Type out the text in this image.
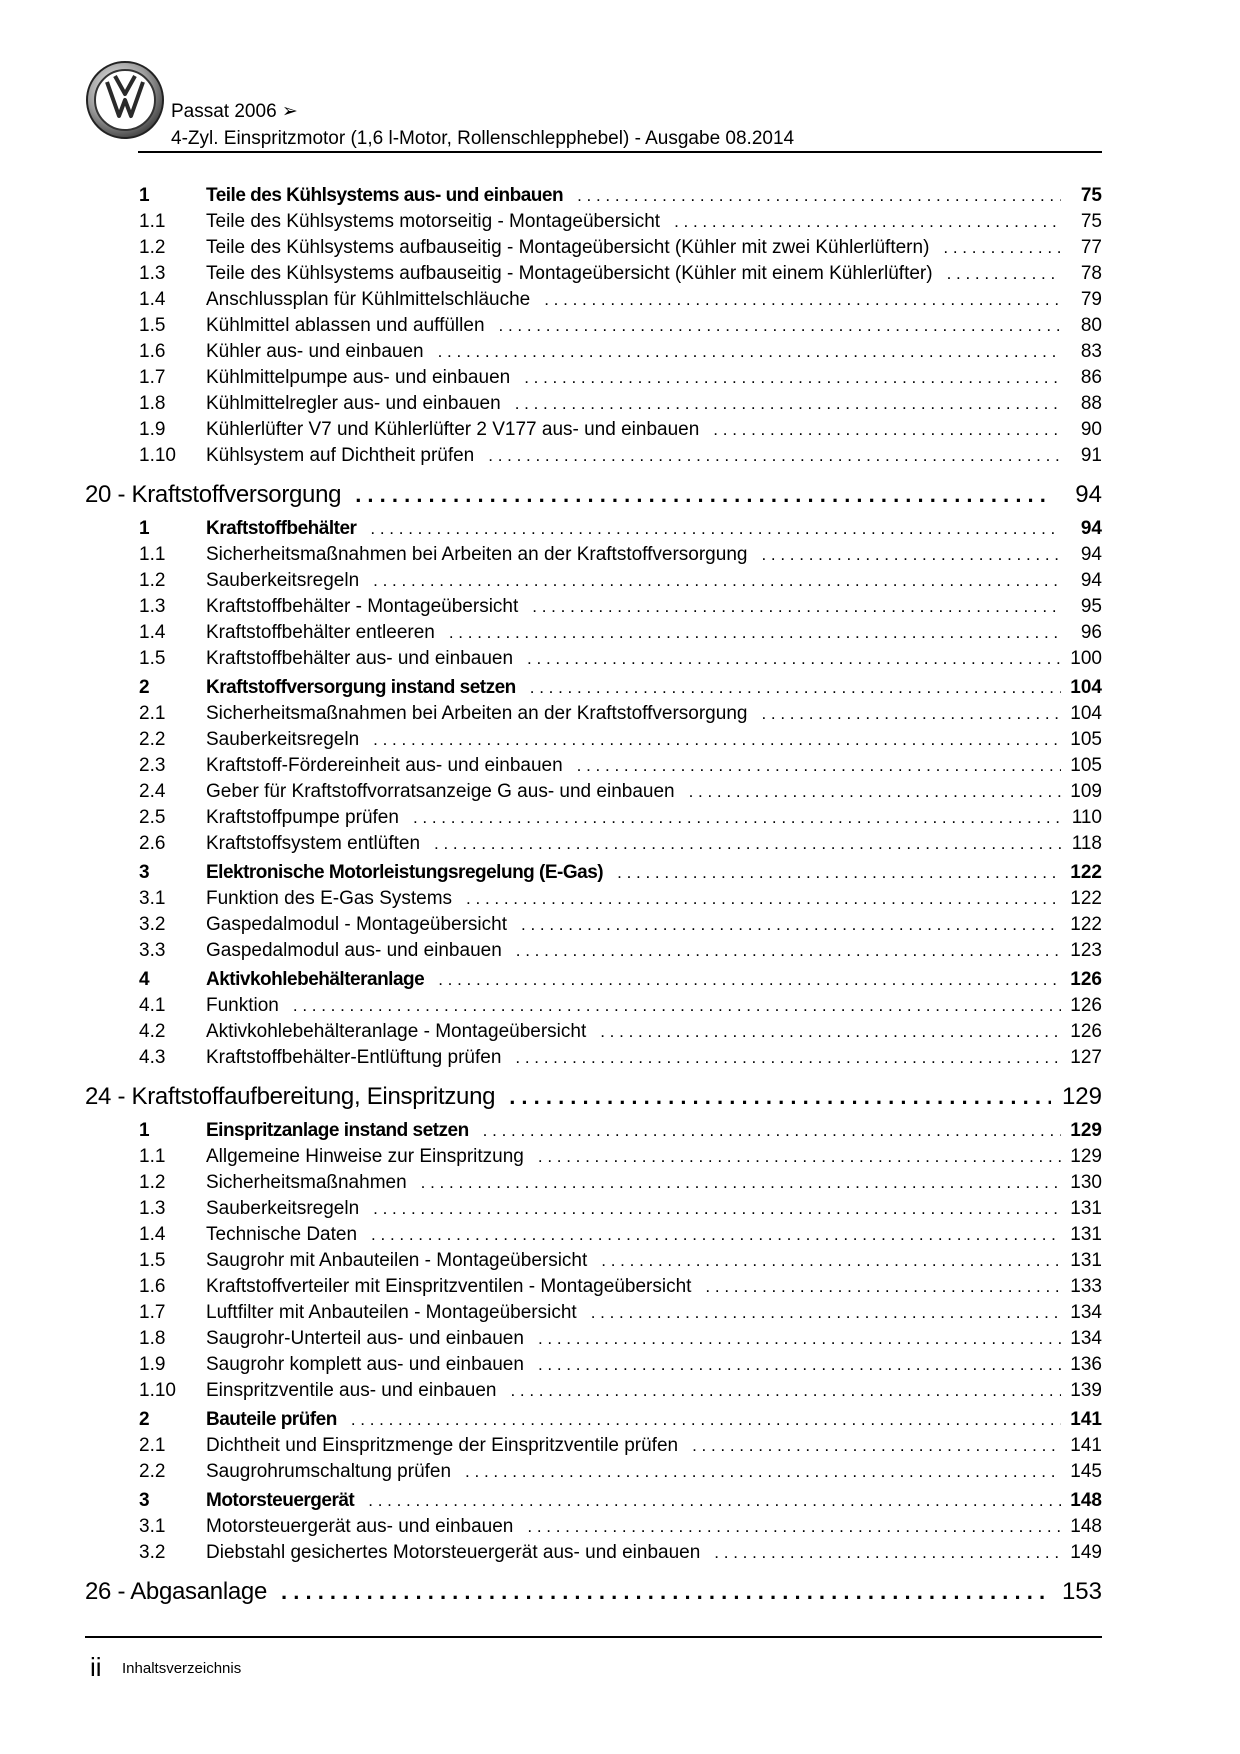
Passat 2006 ➢
4-Zyl. Einspritzmotor (1,6 l-Motor, Rollenschlepphebel) - Ausgabe 08.2014
1	Teile des Kühlsystems aus- und einbauen . . .	75
1.1	Teile des Kühlsystems motorseitig - Montageübersicht . . .	75
1.2	Teile des Kühlsystems aufbauseitig - Montageübersicht (Kühler mit zwei Kühlerlüftern) . . .	77
1.3	Teile des Kühlsystems aufbauseitig - Montageübersicht (Kühler mit einem Kühlerlüfter) . . .	78
1.4	Anschlussplan für Kühlmittelschläuche . . .	79
1.5	Kühlmittel ablassen und auffüllen . . .	80
1.6	Kühler aus- und einbauen . . .	83
1.7	Kühlmittelpumpe aus- und einbauen . . .	86
1.8	Kühlmittelregler aus- und einbauen . . .	88
1.9	Kühlerlüfter V7 und Kühlerlüfter 2 V177 aus- und einbauen . . .	90
1.10	Kühlsystem auf Dichtheit prüfen . . .	91
20 - Kraftstoffversorgung . . .	94
1	Kraftstoffbehälter . . .	94
1.1	Sicherheitsmaßnahmen bei Arbeiten an der Kraftstoffversorgung . . .	94
1.2	Sauberkeitsregeln . . .	94
1.3	Kraftstoffbehälter - Montageübersicht . . .	95
1.4	Kraftstoffbehälter entleeren . . .	96
1.5	Kraftstoffbehälter aus- und einbauen . . .	100
2	Kraftstoffversorgung instand setzen . . .	104
2.1	Sicherheitsmaßnahmen bei Arbeiten an der Kraftstoffversorgung . . .	104
2.2	Sauberkeitsregeln . . .	105
2.3	Kraftstoff-Fördereinheit aus- und einbauen . . .	105
2.4	Geber für Kraftstoffvorratsanzeige G aus- und einbauen . . .	109
2.5	Kraftstoffpumpe prüfen . . .	110
2.6	Kraftstoffsystem entlüften . . .	118
3	Elektronische Motorleistungsregelung (E-Gas) . . .	122
3.1	Funktion des E-Gas Systems . . .	122
3.2	Gaspedalmodul - Montageübersicht . . .	122
3.3	Gaspedalmodul aus- und einbauen . . .	123
4	Aktivkohlebehälteranlage . . .	126
4.1	Funktion . . .	126
4.2	Aktivkohlebehälteranlage - Montageübersicht . . .	126
4.3	Kraftstoffbehälter-Entlüftung prüfen . . .	127
24 - Kraftstoffaufbereitung, Einspritzung . . .	129
1	Einspritzanlage instand setzen . . .	129
1.1	Allgemeine Hinweise zur Einspritzung . . .	129
1.2	Sicherheitsmaßnahmen . . .	130
1.3	Sauberkeitsregeln . . .	131
1.4	Technische Daten . . .	131
1.5	Saugrohr mit Anbauteilen - Montageübersicht . . .	131
1.6	Kraftstoffverteiler mit Einspritzventilen - Montageübersicht . . .	133
1.7	Luftfilter mit Anbauteilen - Montageübersicht . . .	134
1.8	Saugrohr-Unterteil aus- und einbauen . . .	134
1.9	Saugrohr komplett aus- und einbauen . . .	136
1.10	Einspritzventile aus- und einbauen . . .	139
2	Bauteile prüfen . . .	141
2.1	Dichtheit und Einspritzmenge der Einspritzventile prüfen . . .	141
2.2	Saugrohrumschaltung prüfen . . .	145
3	Motorsteuergerät . . .	148
3.1	Motorsteuergerät aus- und einbauen . . .	148
3.2	Diebstahl gesichertes Motorsteuergerät aus- und einbauen . . .	149
26 - Abgasanlage . . .	153
ii Inhaltsverzeichnis
